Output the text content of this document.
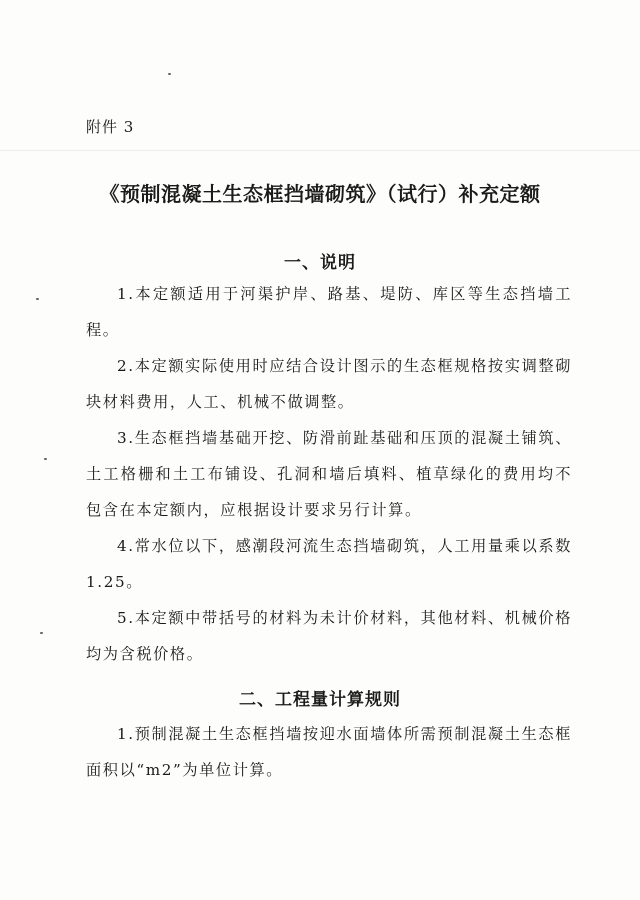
附件 3
《预制混凝土生态框挡墙砌筑》（试行）补充定额
一、说明
1.本定额适用于河渠护岸、路基、堤防、库区等生态挡墙工程。
2.本定额实际使用时应结合设计图示的生态框规格按实调整砌块材料费用，人工、机械不做调整。
3.生态框挡墙基础开挖、防滑前趾基础和压顶的混凝土铺筑、土工格栅和土工布铺设、孔洞和墙后填料、植草绿化的费用均不包含在本定额内，应根据设计要求另行计算。
4.常水位以下，感潮段河流生态挡墙砌筑，人工用量乘以系数 1.25。
5.本定额中带括号的材料为未计价材料，其他材料、机械价格均为含税价格。
二、工程量计算规则
1.预制混凝土生态框挡墙按迎水面墙体所需预制混凝土生态框面积以“m2”为单位计算。
